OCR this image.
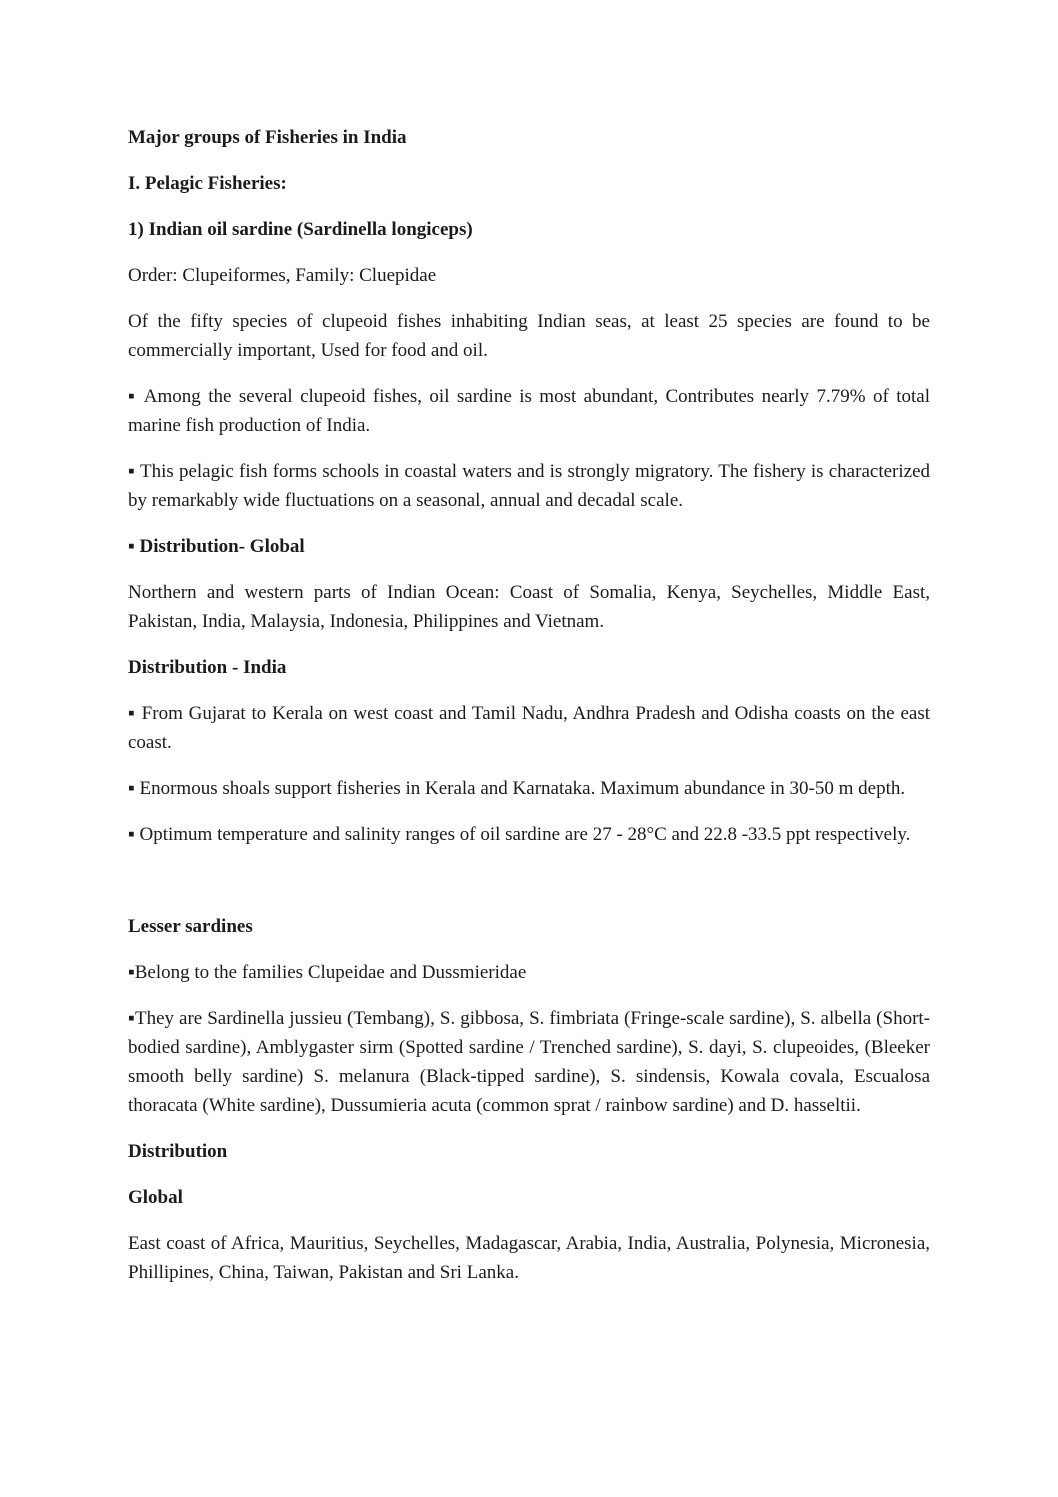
Major groups of Fisheries in India

I. Pelagic Fisheries:

1) Indian oil sardine (Sardinella longiceps)

Order: Clupeiformes, Family: Cluepidae

Of the fifty species of clupeoid fishes inhabiting Indian seas, at least 25 species are found to be commercially important, Used for food and oil.

▪ Among the several clupeoid fishes, oil sardine is most abundant, Contributes nearly 7.79% of total marine fish production of India.

▪ This pelagic fish forms schools in coastal waters and is strongly migratory. The fishery is characterized by remarkably wide fluctuations on a seasonal, annual and decadal scale.

▪ Distribution- Global

Northern and western parts of Indian Ocean: Coast of Somalia, Kenya, Seychelles, Middle East, Pakistan, India, Malaysia, Indonesia, Philippines and Vietnam.

Distribution - India

▪ From Gujarat to Kerala on west coast and Tamil Nadu, Andhra Pradesh and Odisha coasts on the east coast.

▪ Enormous shoals support fisheries in Kerala and Karnataka. Maximum abundance in 30-50 m depth.

▪ Optimum temperature and salinity ranges of oil sardine are 27 - 28°C and 22.8 -33.5 ppt respectively.

Lesser sardines

▪Belong to the families Clupeidae and Dussmieridae

▪They are Sardinella jussieu (Tembang), S. gibbosa, S. fimbriata (Fringe-scale sardine), S. albella (Short-bodied sardine), Amblygaster sirm (Spotted sardine / Trenched sardine), S. dayi, S. clupeoides, (Bleeker smooth belly sardine) S. melanura (Black-tipped sardine), S. sindensis, Kowala covala, Escualosa thoracata (White sardine), Dussumieria acuta (common sprat / rainbow sardine) and D. hasseltii.

Distribution

Global

East coast of Africa, Mauritius, Seychelles, Madagascar, Arabia, India, Australia, Polynesia, Micronesia, Phillipines, China, Taiwan, Pakistan and Sri Lanka.
